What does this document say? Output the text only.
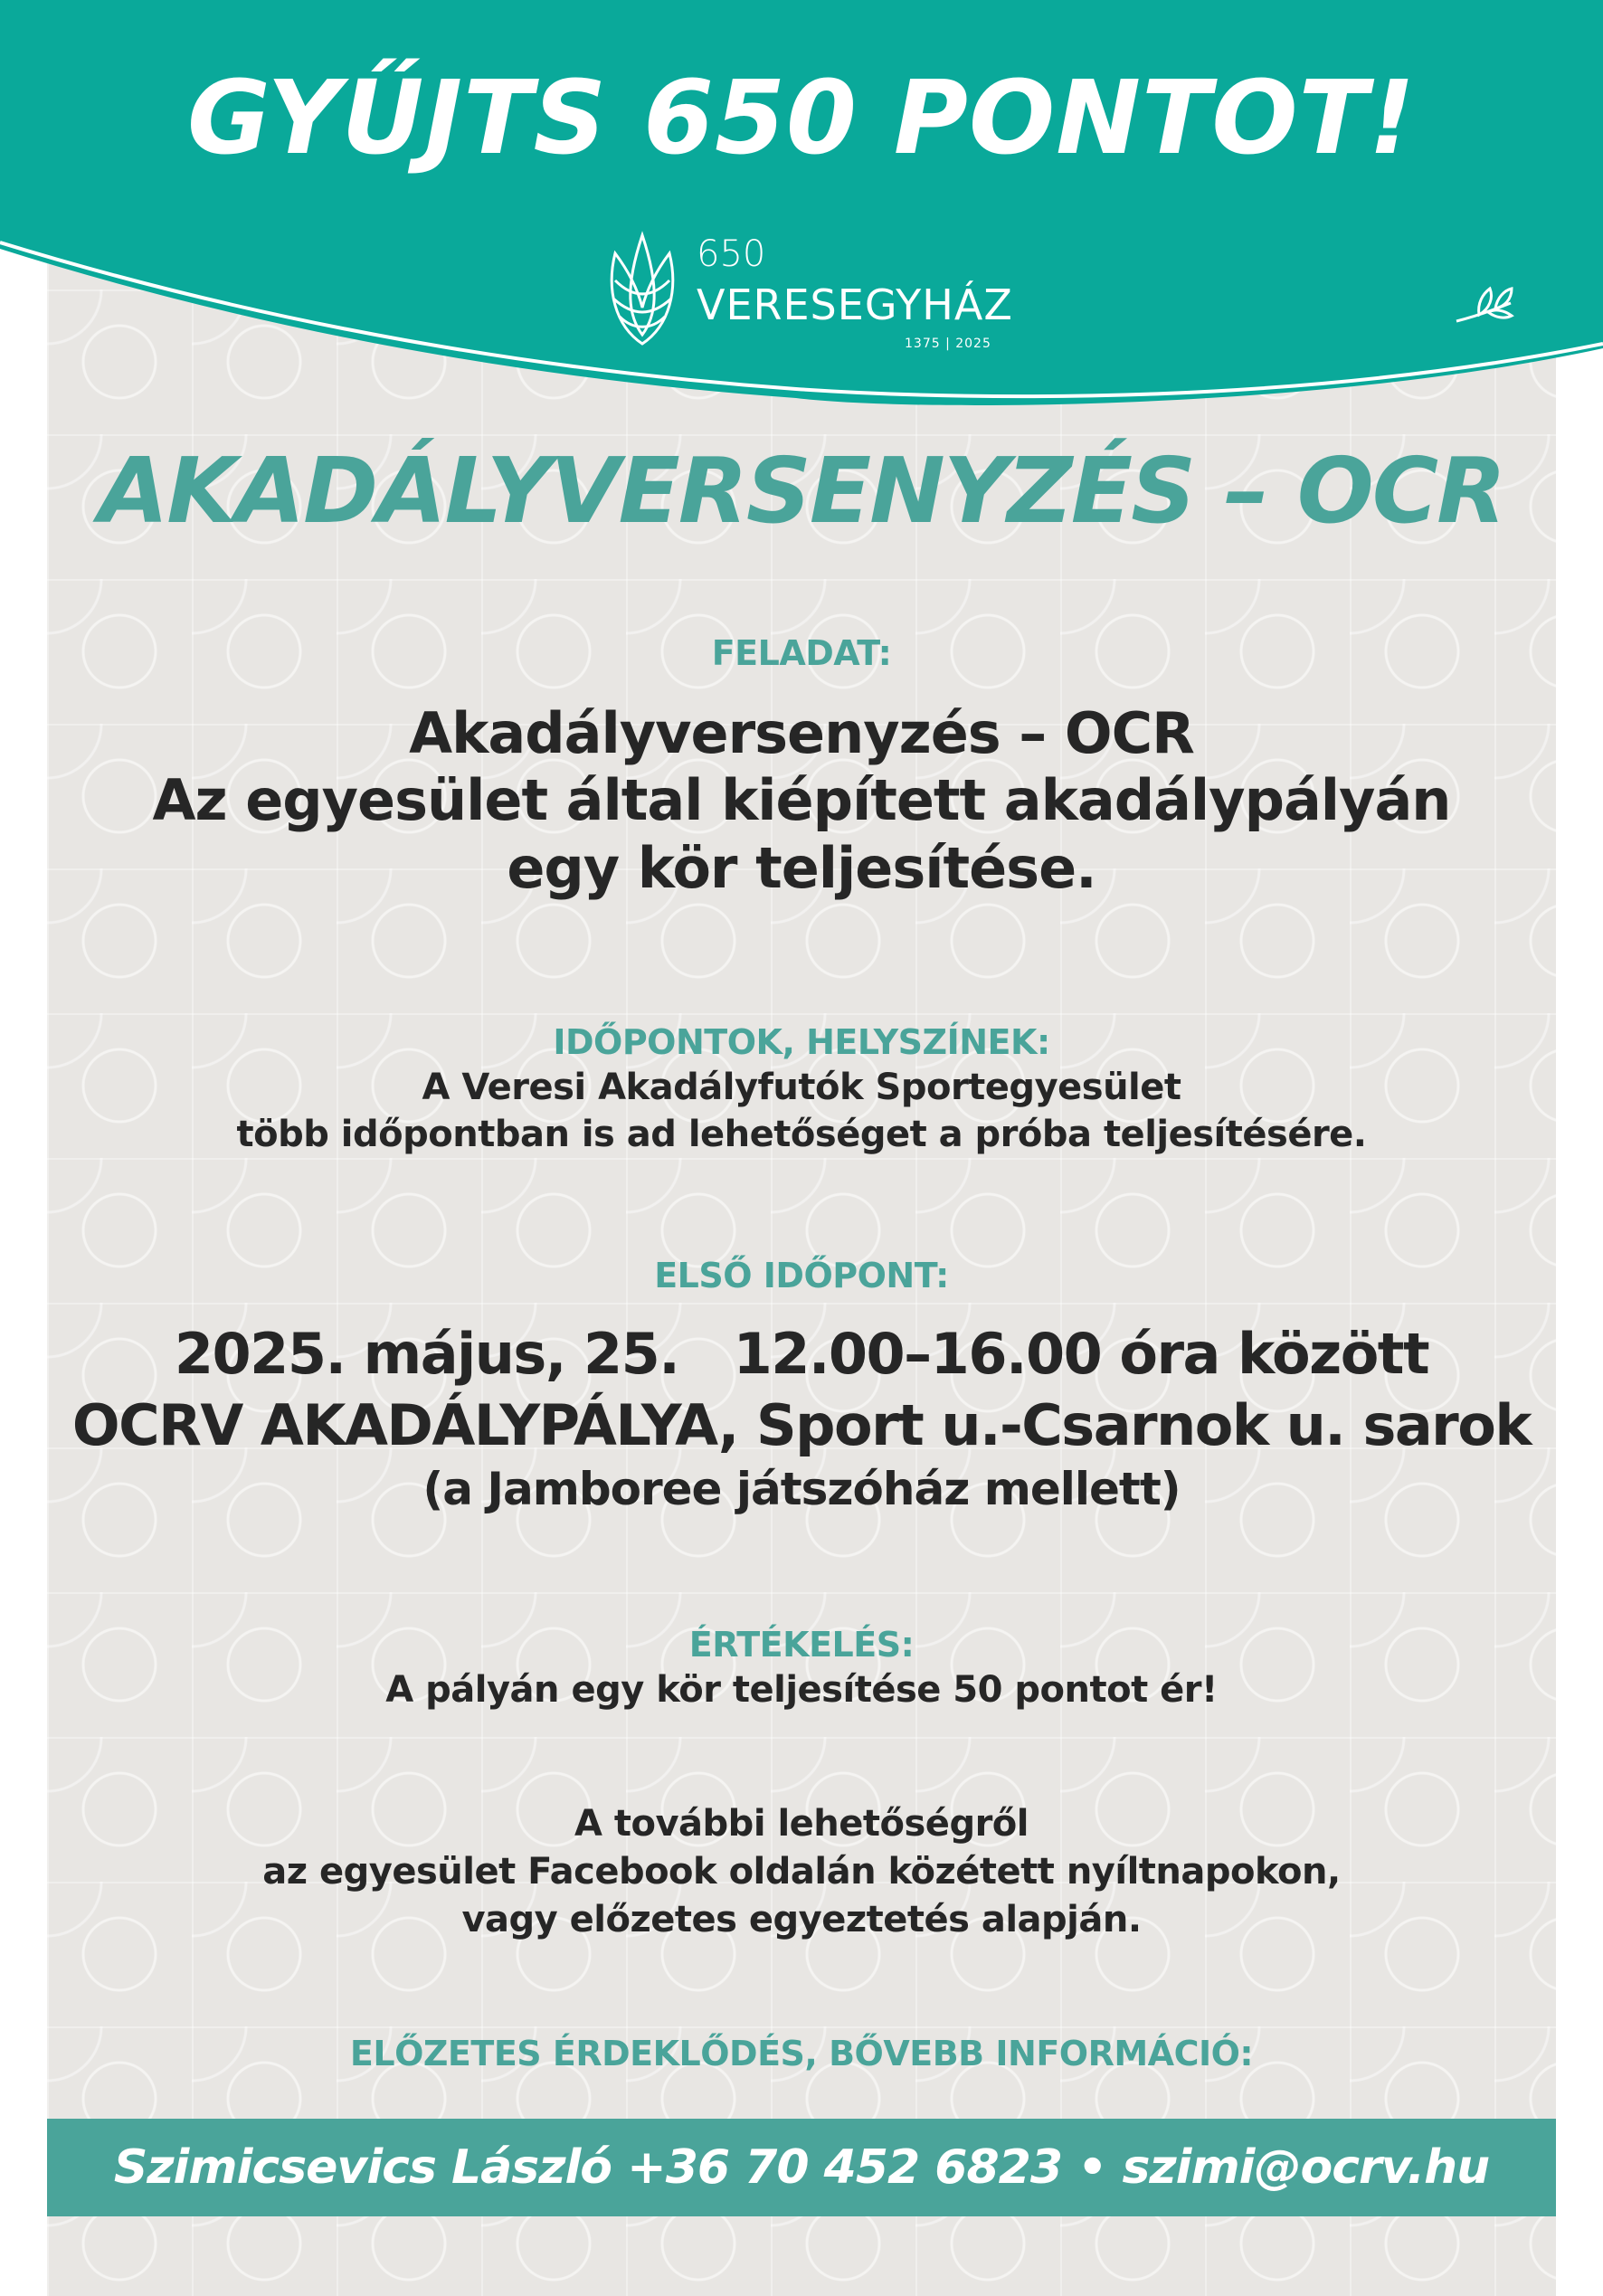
GYŰJTS 650 PONTOT!
650
VERESEGYHÁZ
1375 | 2025
AKADÁLYVERSENYZÉS – OCR

FELADAT:

Akadályversenyzés – OCR

Az egyesület által kiépített akadálypályán

egy kör teljesítése.

IDŐPONTOK, HELYSZÍNEK:

A Veresi Akadályfutók Sportegyesület

több időpontban is ad lehetőséget a próba teljesítésére.

ELSŐ IDŐPONT:

2025. május, 25.   12.00–16.00 óra között

OCRV AKADÁLYPÁLYA, Sport u.-Csarnok u. sarok

(a Jamboree játszóház mellett)

ÉRTÉKELÉS:

A pályán egy kör teljesítése 50 pontot ér!

A további lehetőségről

az egyesület Facebook oldalán közétett nyíltnapokon,

vagy előzetes egyeztetés alapján.

ELŐZETES ÉRDEKLŐDÉS, BŐVEBB INFORMÁCIÓ:

Szimicsevics László +36 70 452 6823 • szimi@ocrv.hu
